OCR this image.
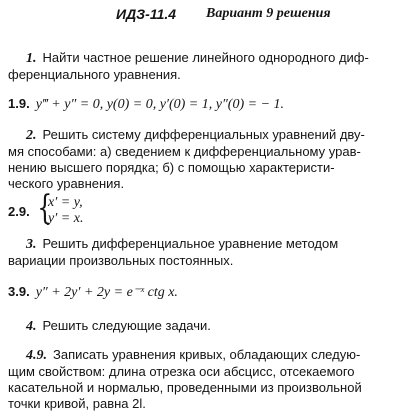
ИДЗ-11.4 Вариант 9 решения
1. Найти частное решение линейного однородного диф-
ференциального уравнения.
1.9. y‴ + y″ = 0, y(0) = 0, y′(0) = 1, y″(0) = − 1.
2. Решить систему дифференциальных уравнений дву-
мя способами: а) сведением к дифференциальному урав-
нению высшего порядка; б) с помощью характеристи-
ческого уравнения.
2.9. {
x′ = y,
y′ = x.
3. Решить дифференциальное уравнение методом
вариации произвольных постоянных.
3.9. y″ + 2y′ + 2y = e⁻ˣ ctg x.
4. Решить следующие задачи.
4.9. Записать уравнения кривых, обладающих следую-
щим свойством: длина отрезка оси абсцисс, отсекаемого
касательной и нормалью, проведенными из произвольной
точки кривой, равна 2l.
